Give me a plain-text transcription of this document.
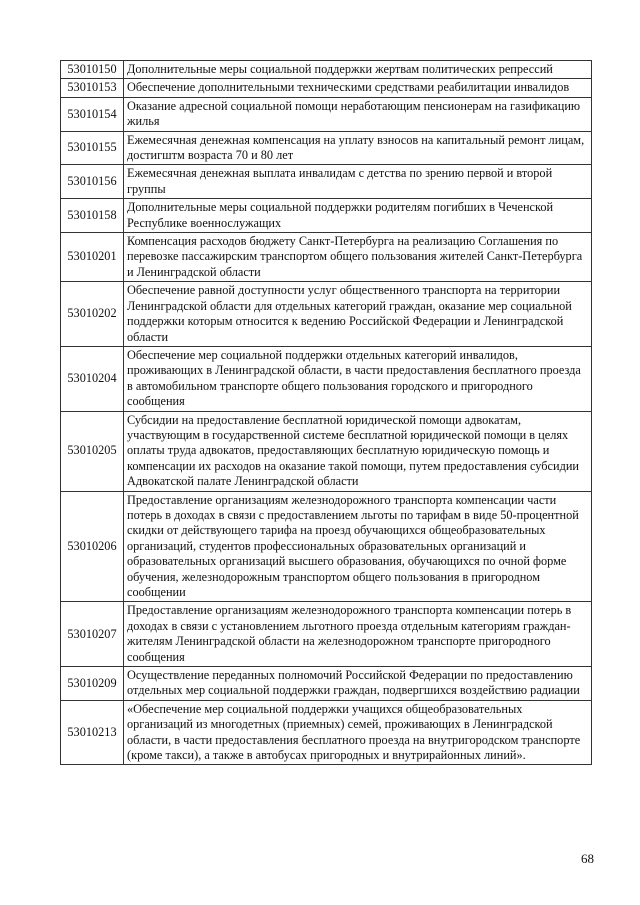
53010150	Дополнительные меры социальной поддержки жертвам политических репрессий
53010153	Обеспечение дополнительными техническими средствами реабилитации инвалидов
53010154	Оказание адресной социальной помощи неработающим пенсионерам на газификацию жилья
53010155	Ежемесячная денежная компенсация на уплату взносов на капитальный ремонт лицам, достигштм возраста 70 и 80 лет
53010156	Ежемесячная денежная выплата инвалидам с детства по зрению первой и второй группы
53010158	Дополнительные меры социальной поддержки родителям погибших в Чеченской Республике военнослужащих
53010201	Компенсация расходов бюджету Санкт-Петербурга на реализацию Соглашения по перевозке пассажирским транспортом общего пользования жителей Санкт-Петербурга и Ленинградской области
53010202	Обеспечение равной доступности услуг общественного транспорта на территории Ленинградской области для отдельных категорий граждан, оказание мер социальной поддержки которым относится к ведению Российской Федерации и Ленинградской области
53010204	Обеспечение мер социальной поддержки отдельных категорий инвалидов, проживающих в Ленинградской области, в части предоставления бесплатного проезда в автомобильном транспорте общего пользования городского и пригородного сообщения
53010205	Субсидии на предоставление бесплатной юридической помощи адвокатам, участвующим в государственной системе бесплатной юридической помощи в целях оплаты труда адвокатов, предоставляющих бесплатную юридическую помощь и компенсации их расходов на оказание такой помощи, путем предоставления субсидии Адвокатской палате Ленинградской области
53010206	Предоставление организациям железнодорожного транспорта компенсации части потерь в доходах в связи с предоставлением льготы по тарифам в виде 50-процентной скидки от действующего тарифа на проезд обучающихся общеобразовательных организаций, студентов профессиональных образовательных организаций и образовательных организаций высшего образования, обучающихся по очной форме обучения, железнодорожным транспортом общего пользования в пригородном сообщении
53010207	Предоставление организациям железнодорожного транспорта компенсации потерь в доходах в связи с установлением льготного проезда отдельным категориям граждан-жителям Ленинградской области на железнодорожном транспорте пригородного сообщения
53010209	Осуществление переданных полномочий Российской Федерации по предоставлению отдельных мер социальной поддержки граждан, подвергшихся воздействию радиации
53010213	«Обеспечение мер социальной поддержки учащихся общеобразовательных организаций из многодетных (приемных) семей, проживающих в Ленинградской области, в части предоставления бесплатного проезда на внутригородском транспорте (кроме такси), а также в автобусах пригородных и внутрирайонных линий».
68
